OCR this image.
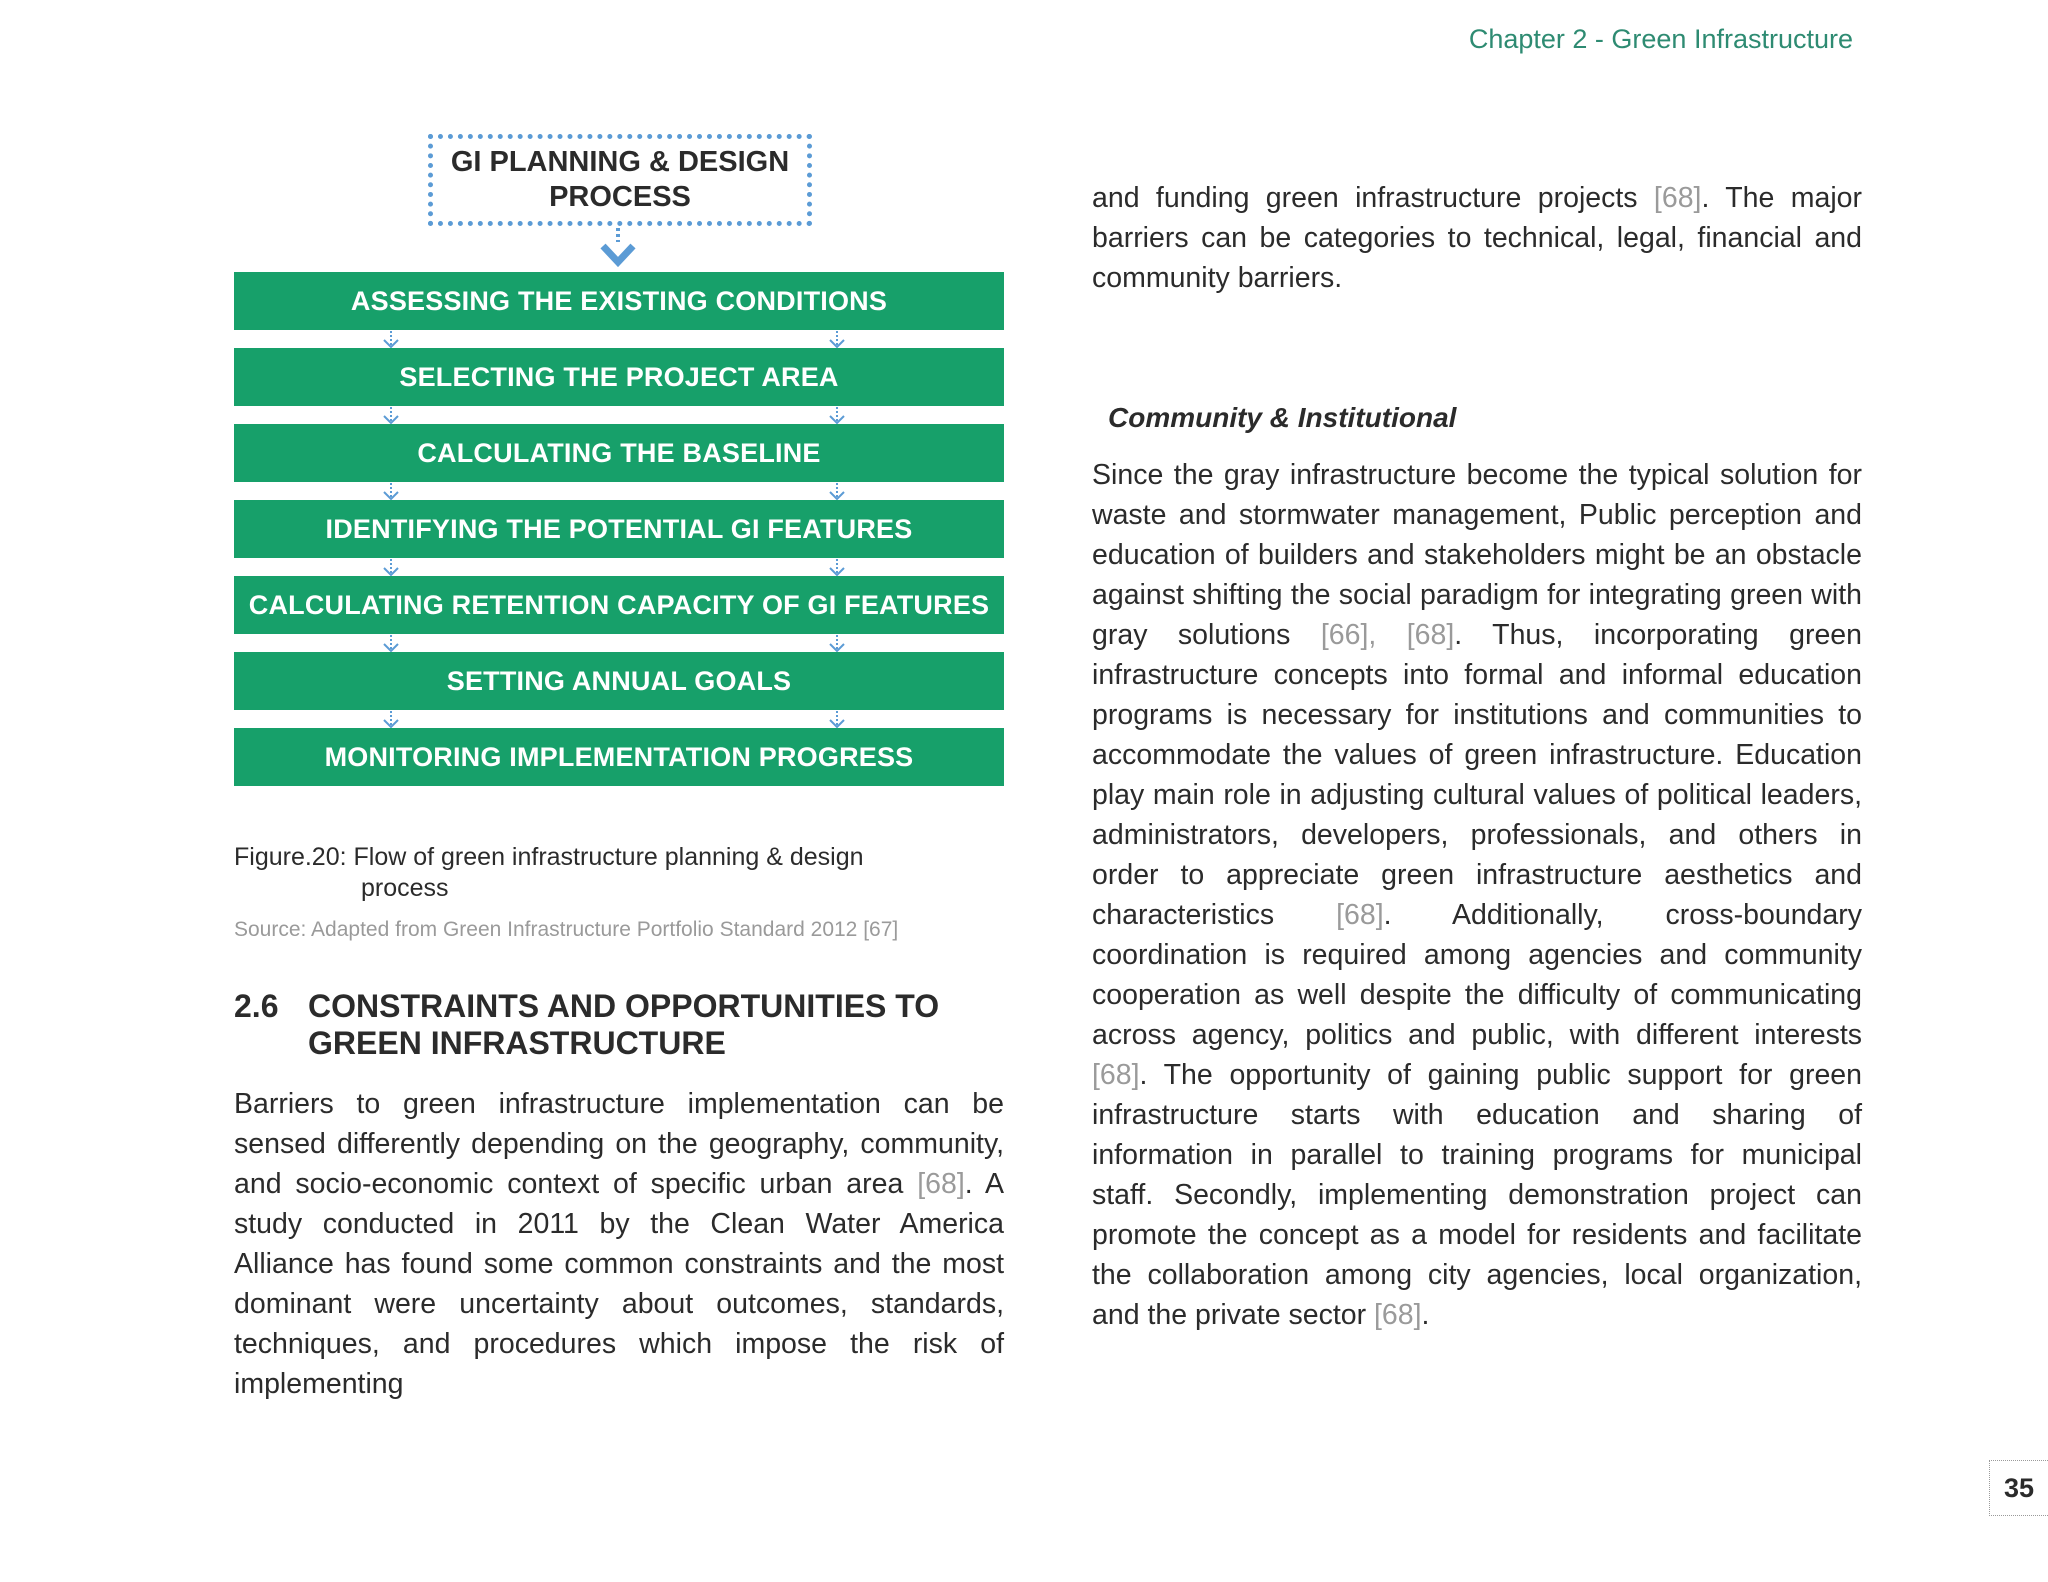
Chapter 2 - Green Infrastructure
GI PLANNING & DESIGN PROCESS
ASSESSING THE EXISTING CONDITIONS
SELECTING THE PROJECT AREA
CALCULATING THE BASELINE
IDENTIFYING THE POTENTIAL GI FEATURES
CALCULATING RETENTION CAPACITY OF GI FEATURES
SETTING ANNUAL GOALS
MONITORING IMPLEMENTATION PROGRESS
Figure.20: Flow of green infrastructure planning & design
process
Source: Adapted from Green Infrastructure Portfolio Standard 2012 [67]
2.6 CONSTRAINTS AND OPPORTUNITIES TO
GREEN INFRASTRUCTURE
Barriers to green infrastructure implementation can be sensed differently depending on the geography, community, and socio-economic context of specific urban area [68]. A study conducted in 2011 by the Clean Water America Alliance has found some common constraints and the most dominant were uncertainty about outcomes, standards, techniques, and procedures which impose the risk of implementing
and funding green infrastructure projects [68]. The major barriers can be categories to technical, legal, financial and community barriers.
Community & Institutional
Since the gray infrastructure become the typical solution for waste and stormwater management, Public perception and education of builders and stakeholders might be an obstacle against shifting the social paradigm for integrating green with gray solutions [66], [68]. Thus, incorporating green infrastructure concepts into formal and informal education programs is necessary for institutions and communities to accommodate the values of green infrastructure. Education play main role in adjusting cultural values of political leaders, administrators, developers, professionals, and others in order to appreciate green infrastructure aesthetics and characteristics [68]. Additionally, cross-boundary coordination is required among agencies and community cooperation as well despite the difficulty of communicating across agency, politics and public, with different interests [68]. The opportunity of gaining public support for green infrastructure starts with education and sharing of information in parallel to training programs for municipal staff. Secondly, implementing demonstration project can promote the concept as a model for residents and facilitate the collaboration among city agencies, local organization, and the private sector [68].
35
